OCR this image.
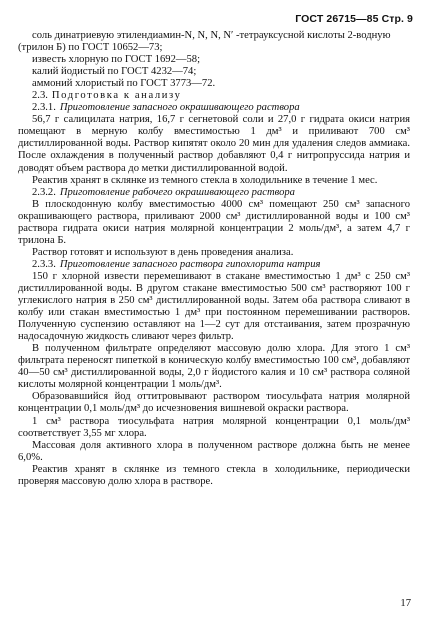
ГОСТ 26715—85 Стр. 9

соль динатриевую этилендиамин-N, N, N, N′ -тетрауксусной кислоты 2-водную (трилон Б) по ГОСТ 10652—73;

известь хлорную по ГОСТ 1692—58;

калий йодистый по ГОСТ 4232—74;

аммоний хлористый по ГОСТ 3773—72.

2.3. Подготовка к анализу

2.3.1. Приготовление запасного окрашивающего раствора

56,7 г салицилата натрия, 16,7 г сегнетовой соли и 27,0 г гидрата окиси натрия помещают в мерную колбу вместимостью 1 дм³ и приливают 700 см³ дистиллированной воды. Раствор кипятят около 20 мин для удаления следов аммиака. После охлаждения в полученный раствор добавляют 0,4 г нитропруссида натрия и доводят объем раствора до метки дистиллированной водой.

Реактив хранят в склянке из темного стекла в холодильнике в течение 1 мес.

2.3.2. Приготовление рабочего окрашивающего раствора

В плоскодонную колбу вместимостью 4000 см³ помещают 250 см³ запасного окрашивающего раствора, приливают 2000 см³ дистиллированной воды и 100 см³ раствора гидрата окиси натрия молярной концентрации 2 моль/дм³, а затем 4,7 г трилона Б.

Раствор готовят и используют в день проведения анализа.

2.3.3. Приготовление запасного раствора гипохлорита натрия

150 г хлорной извести перемешивают в стакане вместимостью 1 дм³ с 250 см³ дистиллированной воды. В другом стакане вместимостью 500 см³ растворяют 100 г углекислого натрия в 250 см³ дистиллированной воды. Затем оба раствора сливают в колбу или стакан вместимостью 1 дм³ при постоянном перемешивании растворов. Полученную суспензию оставляют на 1—2 сут для отстаивания, затем прозрачную надосадочную жидкость сливают через фильтр.

В полученном фильтрате определяют массовую долю хлора. Для этого 1 см³ фильтрата переносят пипеткой в коническую колбу вместимостью 100 см³, добавляют 40—50 см³ дистиллированной воды, 2,0 г йодистого калия и 10 см³ раствора соляной кислоты молярной концентрации 1 моль/дм³.

Образовавшийся йод оттитровывают раствором тиосульфата натрия молярной концентрации 0,1 моль/дм³ до исчезновения вишневой окраски раствора.

1 см³ раствора тиосульфата натрия молярной концентрации 0,1 моль/дм³ соответствует 3,55 мг хлора.

Массовая доля активного хлора в полученном растворе должна быть не менее 6,0%.

Реактив хранят в склянке из темного стекла в холодильнике, периодически проверяя массовую долю хлора в растворе.

17
